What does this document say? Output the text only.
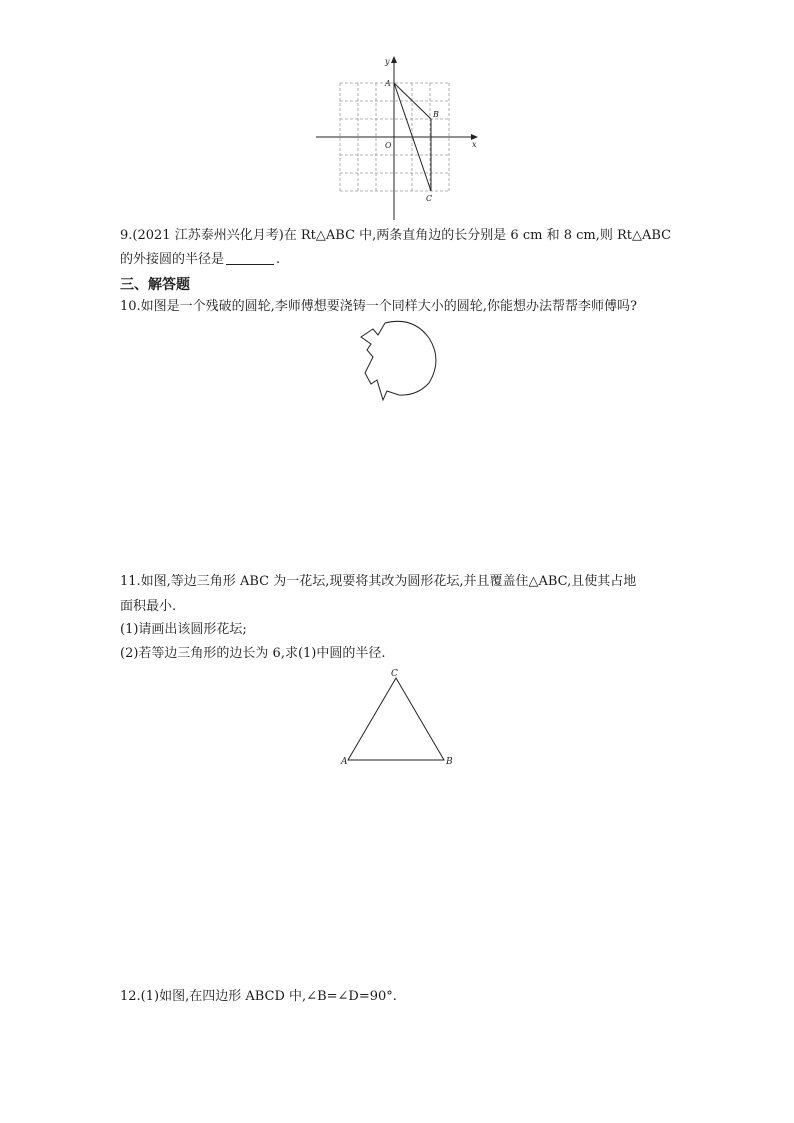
y
x
O
A
B
C
9.(2021 江苏泰州兴化月考)在 Rt△ABC 中,两条直角边的长分别是 6 cm 和 8 cm,则 Rt△ABC
的外接圆的半径是	.
三、解答题
10.如图是一个残破的圆轮,李师傅想要浇铸一个同样大小的圆轮,你能想办法帮帮李师傅吗?
11.如图,等边三角形 ABC 为一花坛,现要将其改为圆形花坛,并且覆盖住△ABC,且使其占地
面积最小.
(1)请画出该圆形花坛;
(2)若等边三角形的边长为 6,求(1)中圆的半径.
C
A	B
12.(1)如图,在四边形 ABCD 中,∠B=∠D=90°.
